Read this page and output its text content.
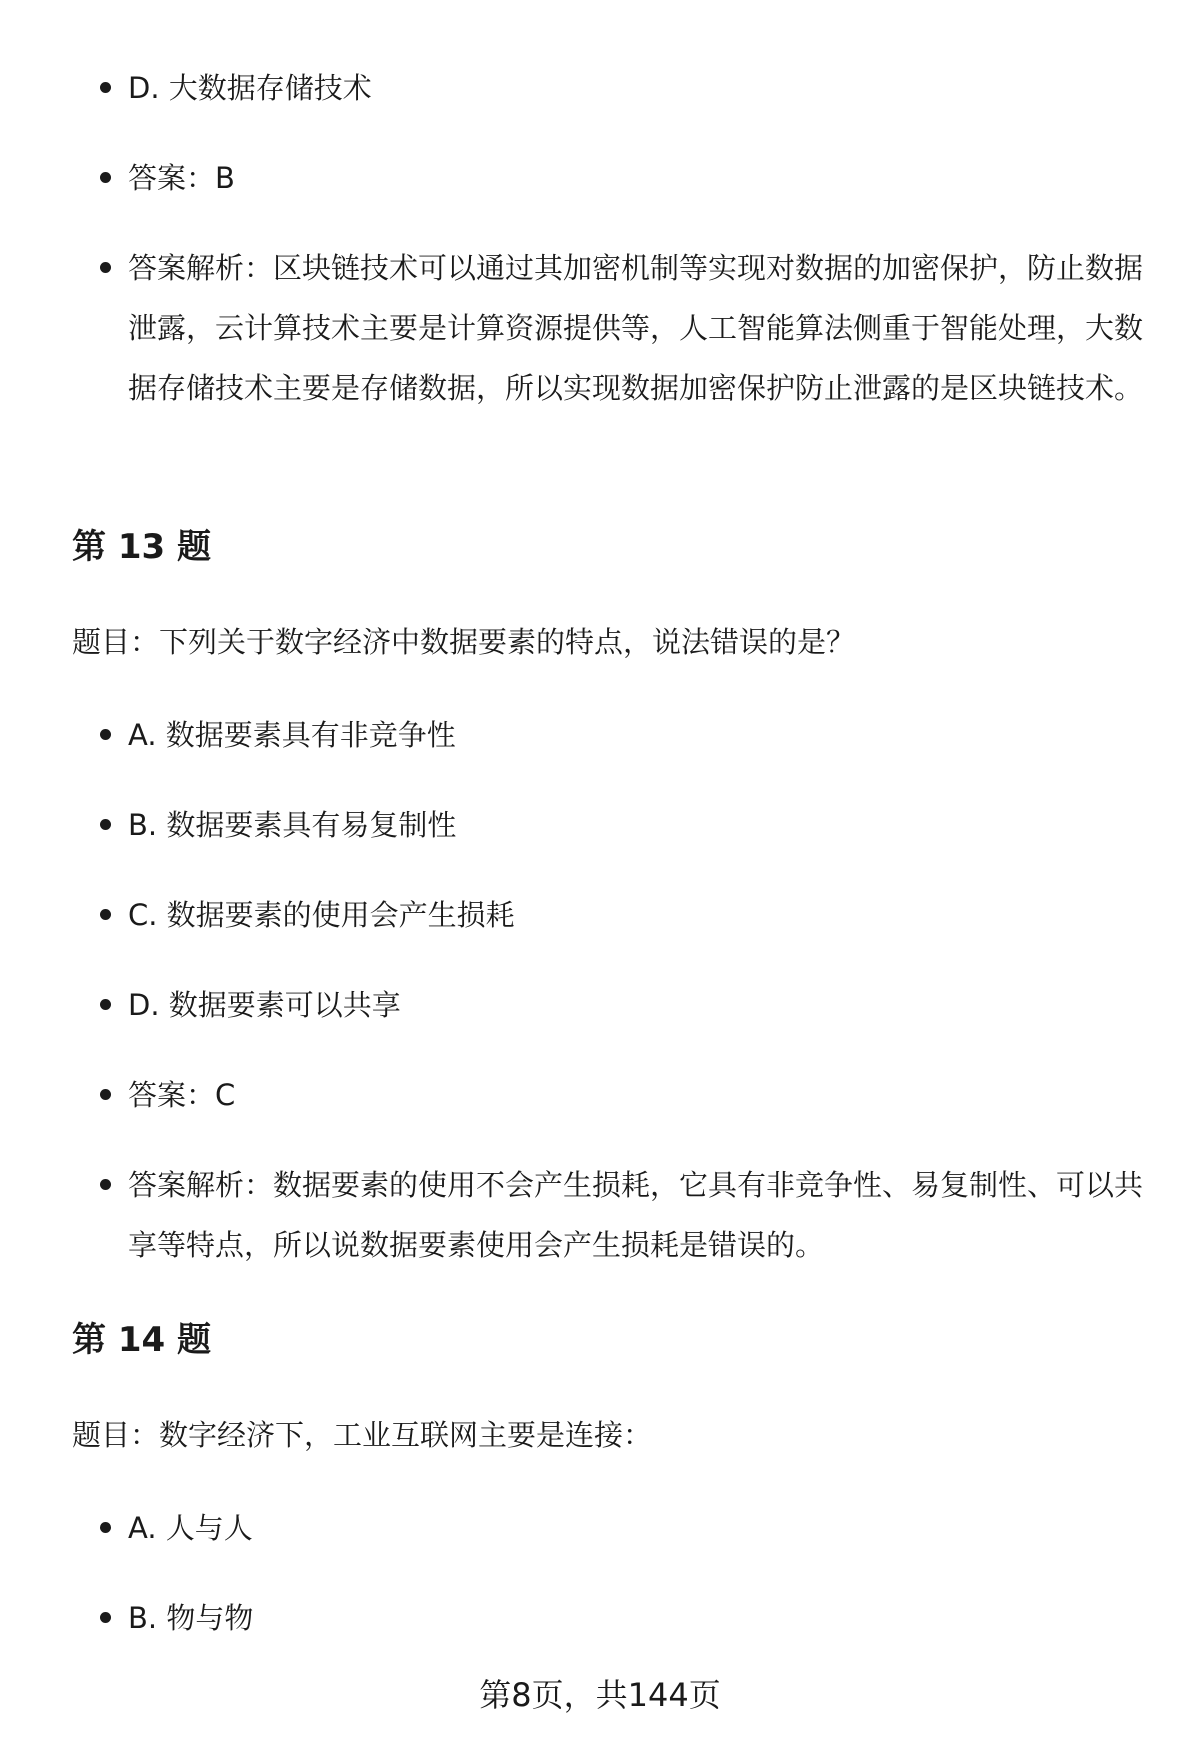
D. 大数据存储技术
答案：B
答案解析：区块链技术可以通过其加密机制等实现对数据的加密保护，防止数据泄露，云计算技术主要是计算资源提供等，人工智能算法侧重于智能处理，大数据存储技术主要是存储数据，所以实现数据加密保护防止泄露的是区块链技术。
第 13 题

题目：下列关于数字经济中数据要素的特点，说法错误的是？

A. 数据要素具有非竞争性
B. 数据要素具有易复制性
C. 数据要素的使用会产生损耗
D. 数据要素可以共享
答案：C
答案解析：数据要素的使用不会产生损耗，它具有非竞争性、易复制性、可以共享等特点，所以说数据要素使用会产生损耗是错误的。
第 14 题

题目：数字经济下，工业互联网主要是连接：

A. 人与人
B. 物与物
第8页，共144页
